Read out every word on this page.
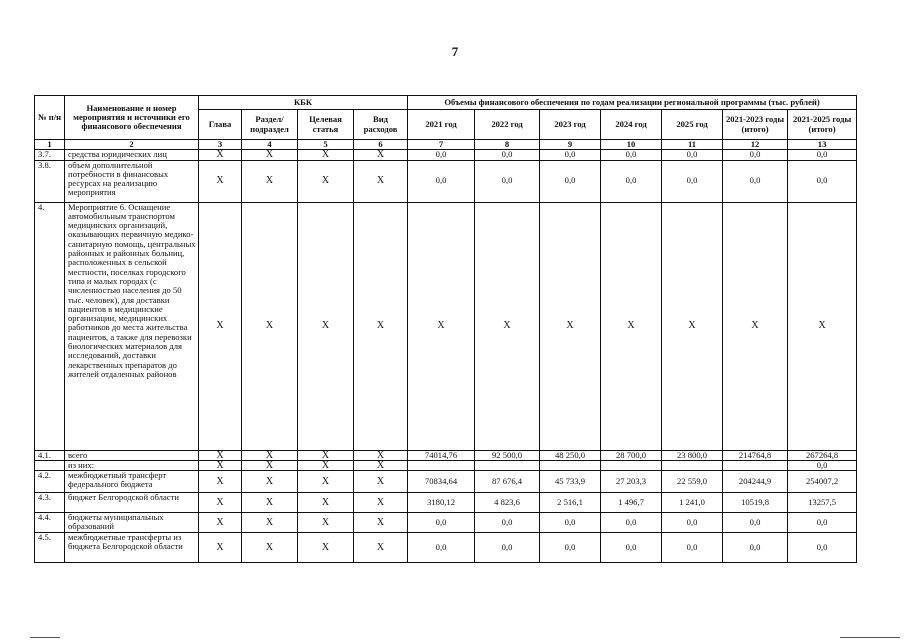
7
№ п/н	Наименование и номер мероприятия и источники его финансового обеспечения	КБК				Объемы финансового обеспечения по годам реализации региональной программы (тыс. рублей)						
		Глава	Раздел/ подраздел	Целевая статья	Вид расходов	2021 год	2022 год	2023 год	2024 год	2025 год	2021-2023 годы (итого)	2021-2025 годы (итого)
1	2	3	4	5	6	7	8	9	10	11	12	13
3.7.	средства юридических лиц	X	X	X	X	0,0	0,0	0,0	0,0	0,0	0,0	0,0
3.8.	объем дополнительной потребности в финансовых ресурсах на реализацию мероприятия	X	X	X	X	0,0	0,0	0,0	0,0	0,0	0,0	0,0
4.	Мероприятие 6. Оснащение автомобильным транспортом медицинских организаций, оказывающих первичную медико-санитарную помощь, центральных районных и районных больниц, расположенных в сельской местности, поселках городского типа и малых городах (с численностью населения до 50 тыс. человек), для доставки пациентов в медицинские организации, медицинских работников до места жительства пациентов, а также для перевозки биологических материалов для исследований, доставки лекарственных препаратов до жителей отдаленных районов	X	X	X	X	X	X	X	X	X	X	X
4.1.	всего	X	X	X	X	74014,76	92 500,0	48 250,0	28 700,0	23 800,0	214764,8	267264,8
	из них:	X	X	X	X							0,0
4.2.	межбюджетный трансферт федерального бюджета	X	X	X	X	70834,64	87 676,4	45 733,9	27 203,3	22 559,0	204244,9	254007,2
4.3.	бюджет Белгородской области	X	X	X	X	3180,12	4 823,6	2 516,1	1 496,7	1 241,0	10519,8	13257,5
4.4.	бюджеты муниципальных образований	X	X	X	X	0,0	0,0	0,0	0,0	0,0	0,0	0,0
4.5.	межбюджетные трансферты из бюджета Белгородской области	X	X	X	X	0,0	0,0	0,0	0,0	0,0	0,0	0,0
